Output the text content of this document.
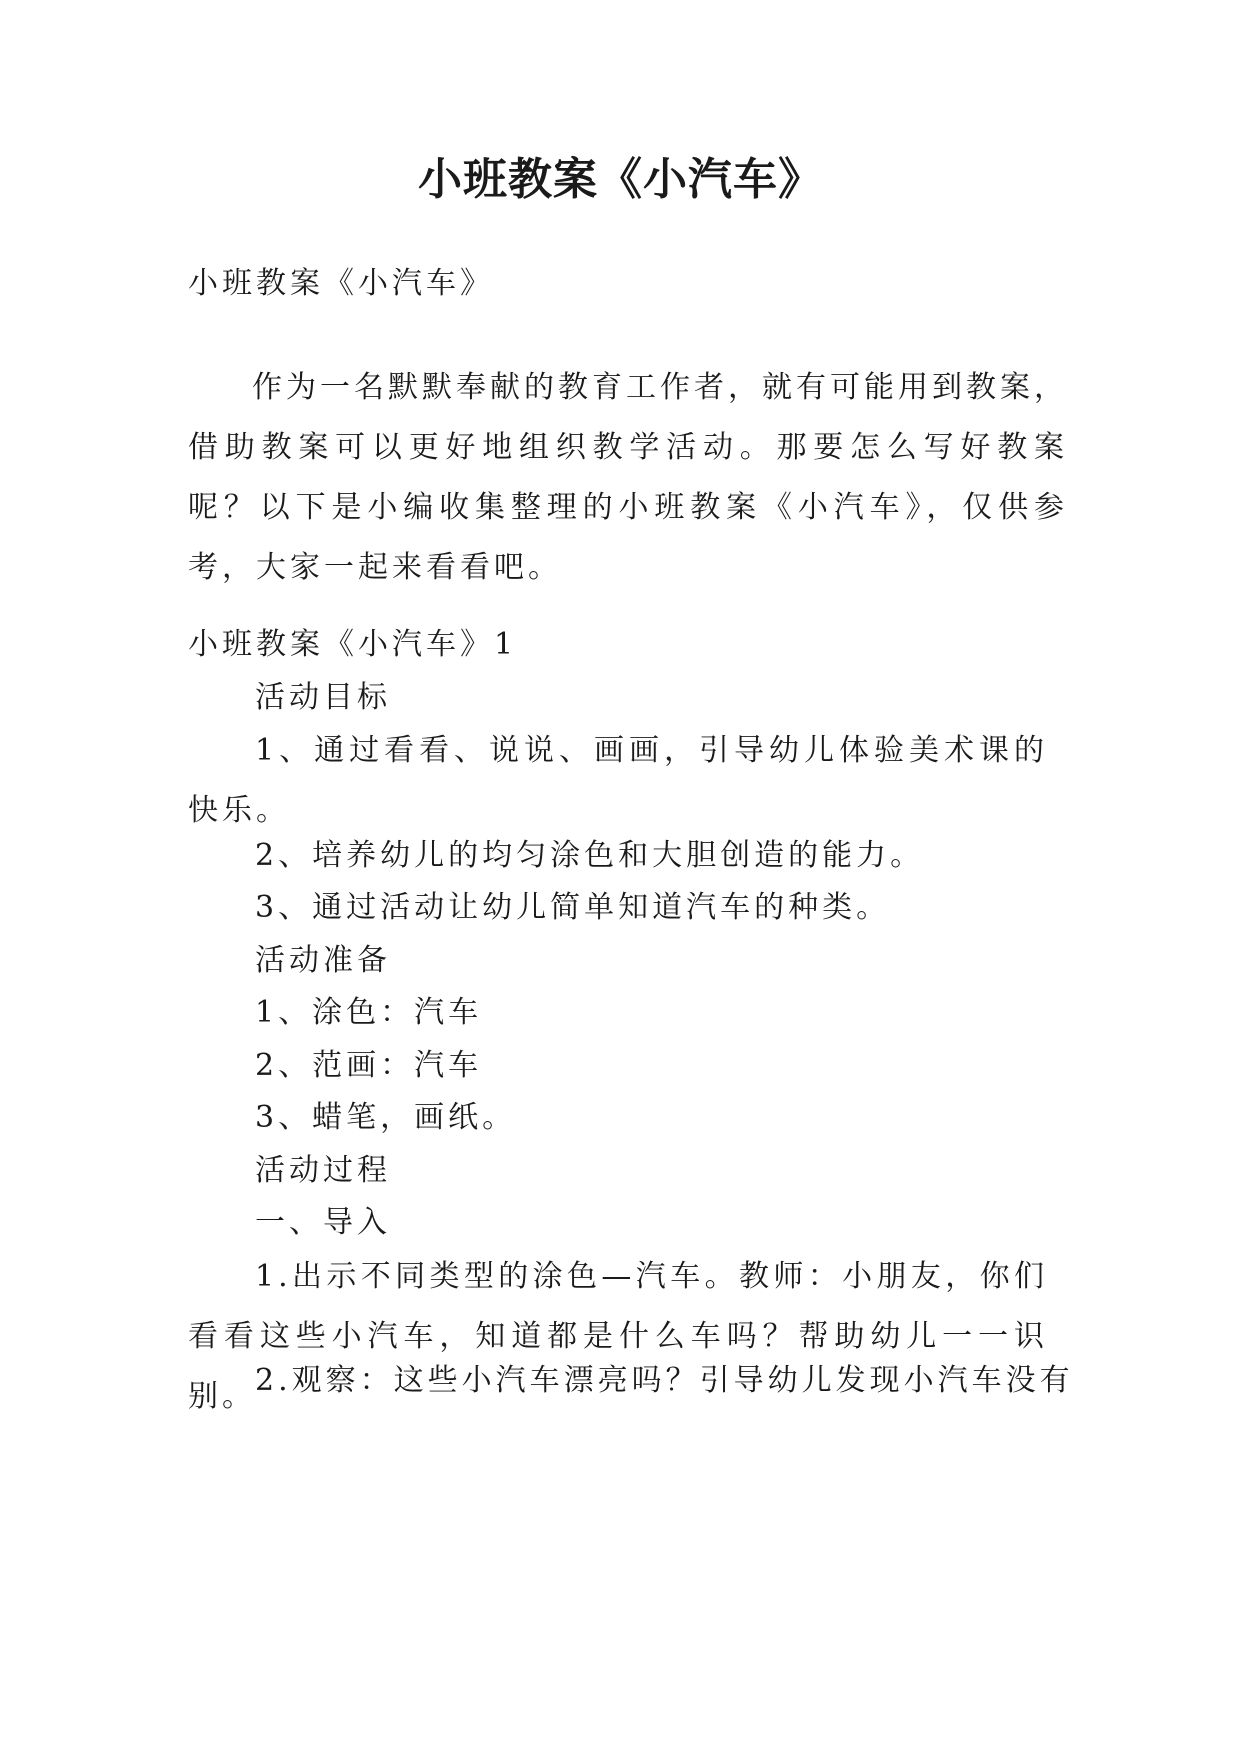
小班教案《小汽车》
小班教案《小汽车》
作为一名默默奉献的教育工作者，就有可能用到教案，借助教案可以更好地组织教学活动。那要怎么写好教案呢？以下是小编收集整理的小班教案《小汽车》，仅供参考，大家一起来看看吧。
小班教案《小汽车》1
活动目标
1、通过看看、说说、画画，引导幼儿体验美术课的快乐。
2、培养幼儿的均匀涂色和大胆创造的能力。
3、通过活动让幼儿简单知道汽车的种类。
活动准备
1、涂色：汽车
2、范画：汽车
3、蜡笔，画纸。
活动过程
一、导入
1.出示不同类型的涂色—汽车。教师：小朋友，你们看看这些小汽车，知道都是什么车吗？帮助幼儿一一识别。 2.观察：这些小汽车漂亮吗？引导幼儿发现小汽车没有
